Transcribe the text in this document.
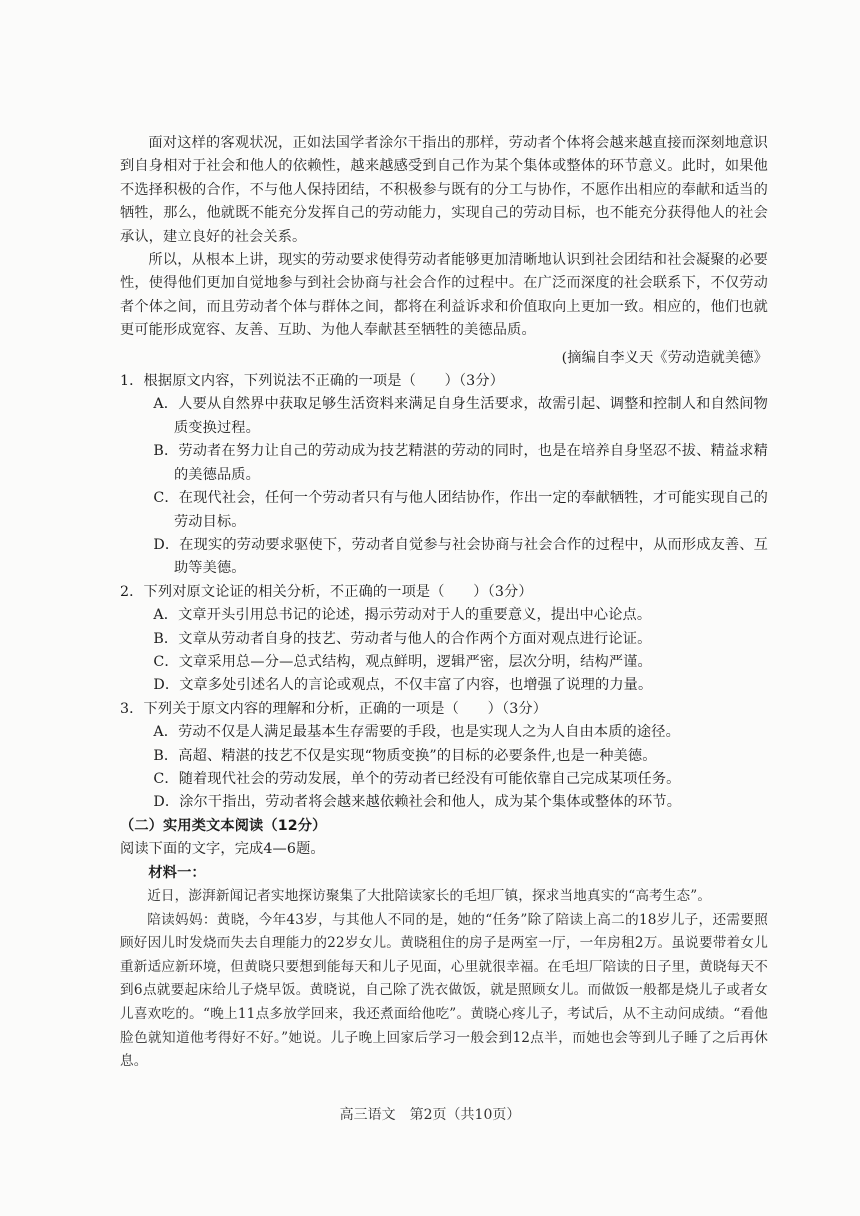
面对这样的客观状况，正如法国学者涂尔干指出的那样，劳动者个体将会越来越直接而深刻地意识到自身相对于社会和他人的依赖性，越来越感受到自己作为某个集体或整体的环节意义。此时，如果他不选择积极的合作，不与他人保持团结，不积极参与既有的分工与协作，不愿作出相应的奉献和适当的牺牲，那么，他就既不能充分发挥自己的劳动能力，实现自己的劳动目标，也不能充分获得他人的社会承认，建立良好的社会关系。

所以，从根本上讲，现实的劳动要求使得劳动者能够更加清晰地认识到社会团结和社会凝聚的必要性，使得他们更加自觉地参与到社会协商与社会合作的过程中。在广泛而深度的社会联系下，不仅劳动者个体之间，而且劳动者个体与群体之间，都将在利益诉求和价值取向上更加一致。相应的，他们也就更可能形成宽容、友善、互助、为他人奉献甚至牺牲的美德品质。

(摘编自李义天《劳动造就美德》

1．根据原文内容，下列说法不正确的一项是（　　）（3分）

A．人要从自然界中获取足够生活资料来满足自身生活要求，故需引起、调整和控制人和自然间物质变换过程。

B．劳动者在努力让自己的劳动成为技艺精湛的劳动的同时，也是在培养自身坚忍不拔、精益求精的美德品质。

C．在现代社会，任何一个劳动者只有与他人团结协作，作出一定的奉献牺牲，才可能实现自己的劳动目标。

D．在现实的劳动要求驱使下，劳动者自觉参与社会协商与社会合作的过程中，从而形成友善、互助等美德。

2．下列对原文论证的相关分析，不正确的一项是（　　）（3分）

A．文章开头引用总书记的论述，揭示劳动对于人的重要意义，提出中心论点。

B．文章从劳动者自身的技艺、劳动者与他人的合作两个方面对观点进行论证。

C．文章采用总—分—总式结构，观点鲜明，逻辑严密，层次分明，结构严谨。

D．文章多处引述名人的言论或观点，不仅丰富了内容，也增强了说理的力量。

3．下列关于原文内容的理解和分析，正确的一项是（　　）（3分）

A．劳动不仅是人满足最基本生存需要的手段，也是实现人之为人自由本质的途径。

B．高超、精湛的技艺不仅是实现“物质变换”的目标的必要条件,也是一种美德。

C．随着现代社会的劳动发展，单个的劳动者已经没有可能依靠自己完成某项任务。

D．涂尔干指出，劳动者将会越来越依赖社会和他人，成为某个集体或整体的环节。

（二）实用类文本阅读（12分）

阅读下面的文字，完成4—6题。

材料一：

近日，澎湃新闻记者实地探访聚集了大批陪读家长的毛坦厂镇，探求当地真实的“高考生态”。

陪读妈妈：黄晓，今年43岁，与其他人不同的是，她的“任务”除了陪读上高二的18岁儿子，还需要照顾好因儿时发烧而失去自理能力的22岁女儿。黄晓租住的房子是两室一厅，一年房租2万。虽说要带着女儿重新适应新环境，但黄晓只要想到能每天和儿子见面，心里就很幸福。在毛坦厂陪读的日子里，黄晓每天不到6点就要起床给儿子烧早饭。黄晓说，自己除了洗衣做饭，就是照顾女儿。而做饭一般都是烧儿子或者女儿喜欢吃的。“晚上11点多放学回来，我还煮面给他吃”。黄晓心疼儿子，考试后，从不主动问成绩。“看他脸色就知道他考得好不好。”她说。儿子晚上回家后学习一般会到12点半，而她也会等到儿子睡了之后再休息。

高三语文　第2页（共10页）
